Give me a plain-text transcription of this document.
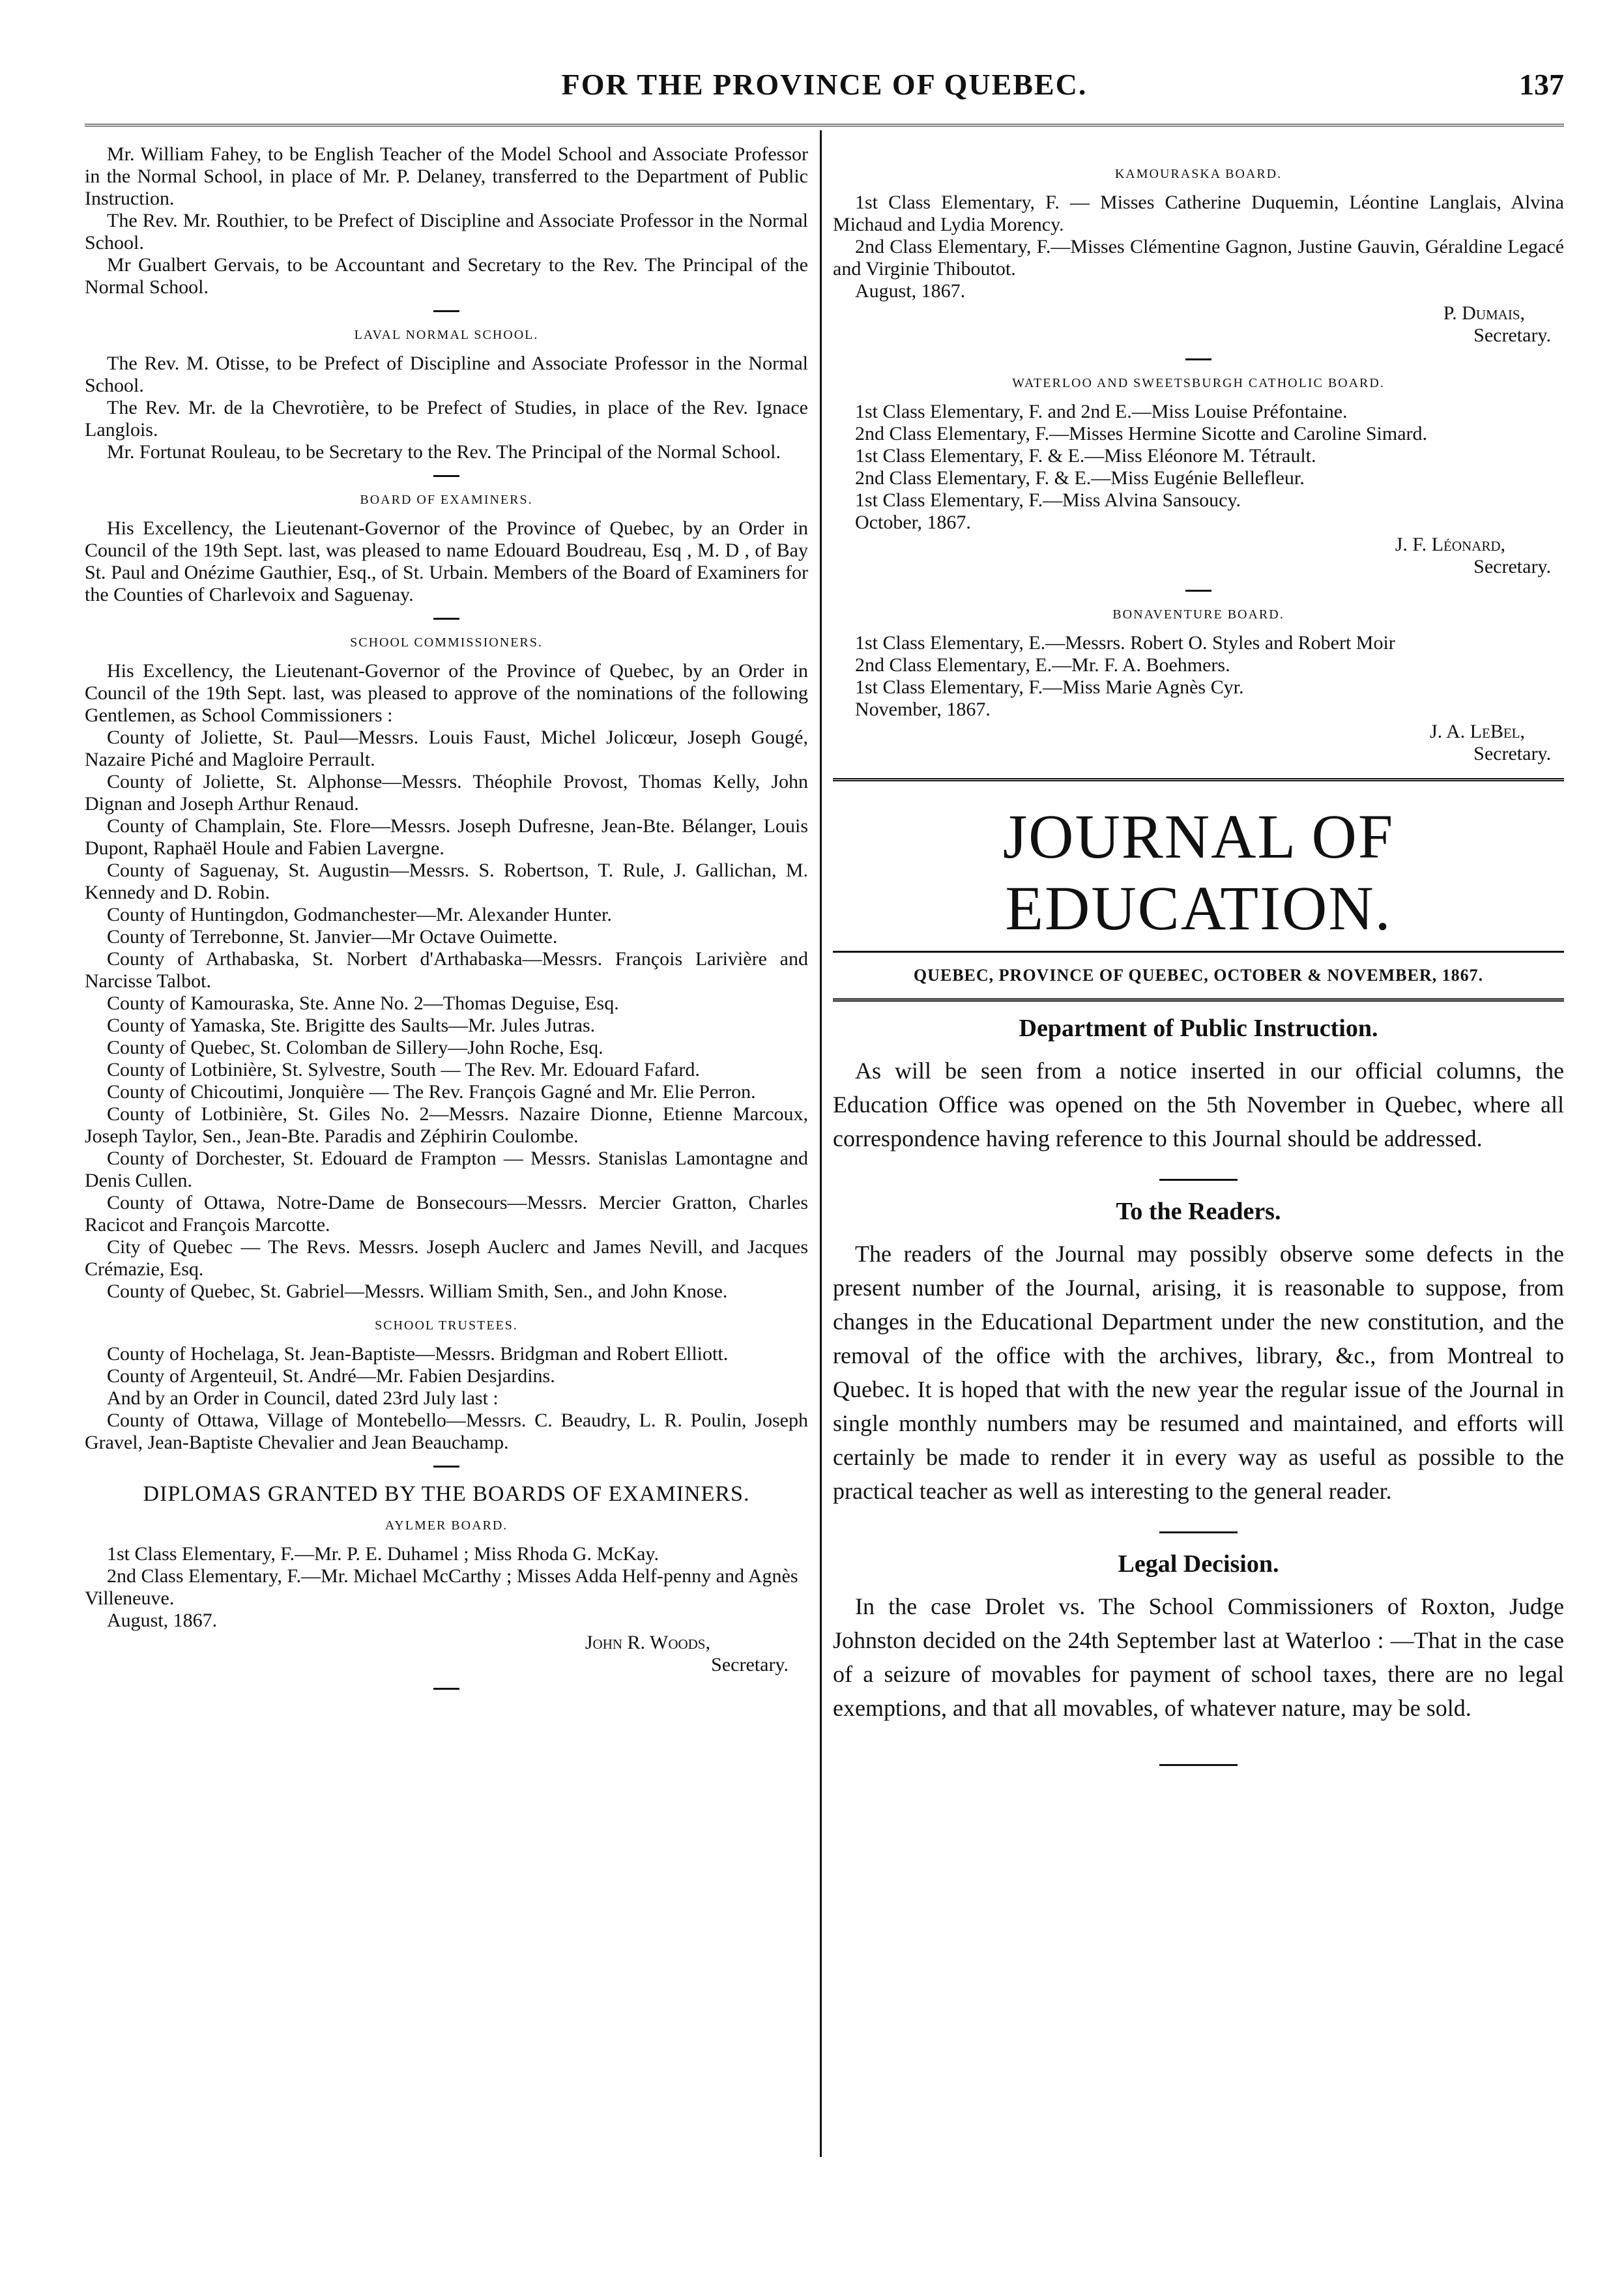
FOR THE PROVINCE OF QUEBEC.	137

Mr. William Fahey, to be English Teacher of the Model School and Associate Professor in the Normal School, in place of Mr. P. Delaney, transferred to the Department of Public Instruction.

The Rev. Mr. Routhier, to be Prefect of Discipline and Associate Professor in the Normal School.

Mr Gualbert Gervais, to be Accountant and Secretary to the Rev. The Principal of the Normal School.

LAVAL NORMAL SCHOOL.

The Rev. M. Otisse, to be Prefect of Discipline and Associate Professor in the Normal School.

The Rev. Mr. de la Chevrotière, to be Prefect of Studies, in place of the Rev. Ignace Langlois.

Mr. Fortunat Rouleau, to be Secretary to the Rev. The Principal of the Normal School.

BOARD OF EXAMINERS.

His Excellency, the Lieutenant-Governor of the Province of Quebec, by an Order in Council of the 19th Sept. last, was pleased to name Edouard Boudreau, Esq , M. D , of Bay St. Paul and Onézime Gauthier, Esq., of St. Urbain. Members of the Board of Examiners for the Counties of Charlevoix and Saguenay.

SCHOOL COMMISSIONERS.

His Excellency, the Lieutenant-Governor of the Province of Quebec, by an Order in Council of the 19th Sept. last, was pleased to approve of the nominations of the following Gentlemen, as School Commissioners :

County of Joliette, St. Paul—Messrs. Louis Faust, Michel Jolicœur, Joseph Gougé, Nazaire Piché and Magloire Perrault.

County of Joliette, St. Alphonse—Messrs. Théophile Provost, Thomas Kelly, John Dignan and Joseph Arthur Renaud.

County of Champlain, Ste. Flore—Messrs. Joseph Dufresne, Jean-Bte. Bélanger, Louis Dupont, Raphaël Houle and Fabien Lavergne.

County of Saguenay, St. Augustin—Messrs. S. Robertson, T. Rule, J. Gallichan, M. Kennedy and D. Robin.

County of Huntingdon, Godmanchester—Mr. Alexander Hunter.

County of Terrebonne, St. Janvier—Mr Octave Ouimette.

County of Arthabaska, St. Norbert d'Arthabaska—Messrs. François Larivière and Narcisse Talbot.

County of Kamouraska, Ste. Anne No. 2—Thomas Deguise, Esq.

County of Yamaska, Ste. Brigitte des Saults—Mr. Jules Jutras.

County of Quebec, St. Colomban de Sillery—John Roche, Esq.

County of Lotbinière, St. Sylvestre, South — The Rev. Mr. Edouard Fafard.

County of Chicoutimi, Jonquière — The Rev. François Gagné and Mr. Elie Perron.

County of Lotbinière, St. Giles No. 2—Messrs. Nazaire Dionne, Etienne Marcoux, Joseph Taylor, Sen., Jean-Bte. Paradis and Zéphirin Coulombe.

County of Dorchester, St. Edouard de Frampton — Messrs. Stanislas Lamontagne and Denis Cullen.

County of Ottawa, Notre-Dame de Bonsecours—Messrs. Mercier Gratton, Charles Racicot and François Marcotte.

City of Quebec — The Revs. Messrs. Joseph Auclerc and James Nevill, and Jacques Crémazie, Esq.

County of Quebec, St. Gabriel—Messrs. William Smith, Sen., and John Knose.

SCHOOL TRUSTEES.

County of Hochelaga, St. Jean-Baptiste—Messrs. Bridgman and Robert Elliott.

County of Argenteuil, St. André—Mr. Fabien Desjardins.

And by an Order in Council, dated 23rd July last :

County of Ottawa, Village of Montebello—Messrs. C. Beaudry, L. R. Poulin, Joseph Gravel, Jean-Baptiste Chevalier and Jean Beauchamp.

DIPLOMAS GRANTED BY THE BOARDS OF EXAMINERS.
AYLMER BOARD.

1st Class Elementary, F.—Mr. P. E. Duhamel ; Miss Rhoda G. McKay.

2nd Class Elementary, F.—Mr. Michael McCarthy ; Misses Adda Helf-penny and Agnès Villeneuve.

August, 1867.

John R. Woods,
Secretary.
KAMOURASKA BOARD.

1st Class Elementary, F. — Misses Catherine Duquemin, Léontine Langlais, Alvina Michaud and Lydia Morency.

2nd Class Elementary, F.—Misses Clémentine Gagnon, Justine Gauvin, Géraldine Legacé and Virginie Thiboutot.

August, 1867.

P. Dumais,
Secretary.
WATERLOO AND SWEETSBURGH CATHOLIC BOARD.

1st Class Elementary, F. and 2nd E.—Miss Louise Préfontaine.

2nd Class Elementary, F.—Misses Hermine Sicotte and Caroline Simard.

1st Class Elementary, F. & E.—Miss Eléonore M. Tétrault.

2nd Class Elementary, F. & E.—Miss Eugénie Bellefleur.

1st Class Elementary, F.—Miss Alvina Sansoucy.

October, 1867.

J. F. Léonard,
Secretary.
BONAVENTURE BOARD.

1st Class Elementary, E.—Messrs. Robert O. Styles and Robert Moir

2nd Class Elementary, E.—Mr. F. A. Boehmers.

1st Class Elementary, F.—Miss Marie Agnès Cyr.

November, 1867.

J. A. LeBel,
Secretary.
JOURNAL OF EDUCATION.
QUEBEC, PROVINCE OF QUEBEC, OCTOBER & NOVEMBER, 1867.
Department of Public Instruction.

As will be seen from a notice inserted in our official columns, the Education Office was opened on the 5th November in Quebec, where all correspondence having reference to this Journal should be addressed.

To the Readers.

The readers of the Journal may possibly observe some defects in the present number of the Journal, arising, it is reasonable to suppose, from changes in the Educational Department under the new constitution, and the removal of the office with the archives, library, &c., from Montreal to Quebec. It is hoped that with the new year the regular issue of the Journal in single monthly numbers may be resumed and maintained, and efforts will certainly be made to render it in every way as useful as possible to the practical teacher as well as interesting to the general reader.

Legal Decision.

In the case Drolet vs. The School Commissioners of Roxton, Judge Johnston decided on the 24th September last at Waterloo : —That in the case of a seizure of movables for payment of school taxes, there are no legal exemptions, and that all movables, of whatever nature, may be sold.
